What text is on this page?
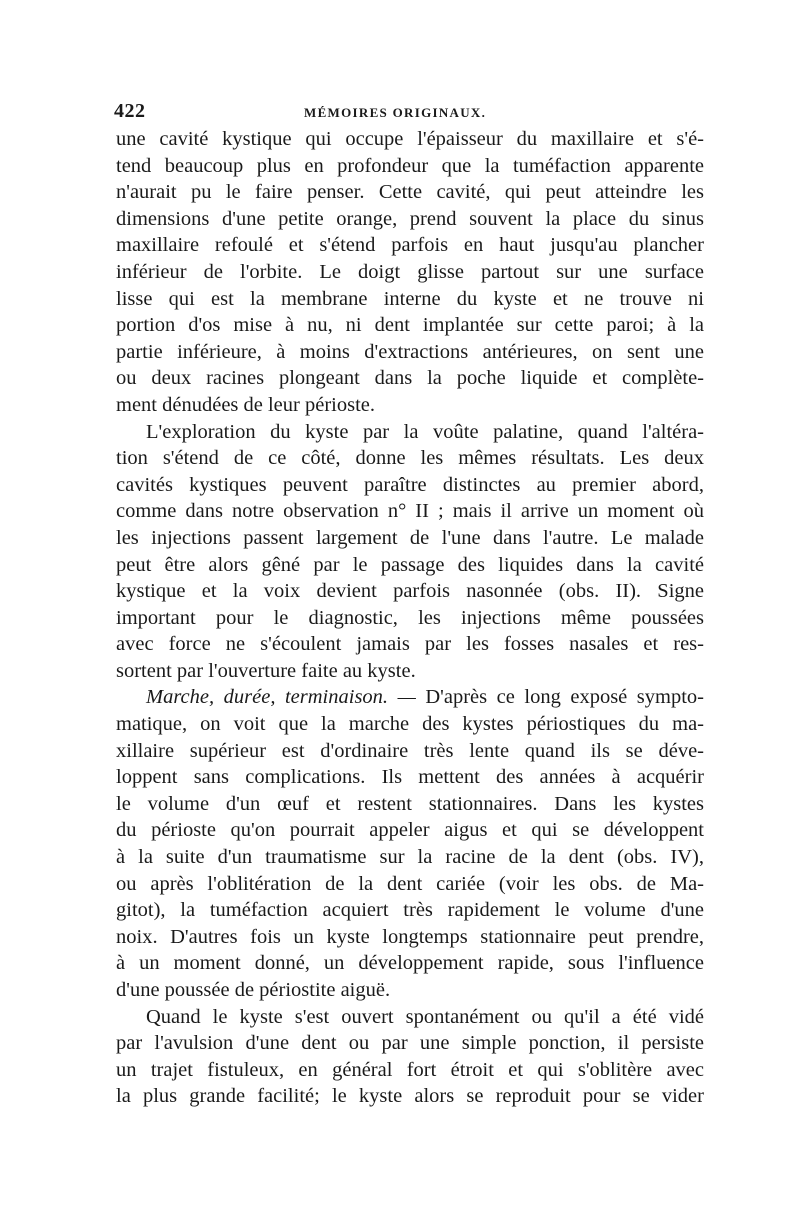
422	MÉMOIRES ORIGINAUX.
une cavité kystique qui occupe l'épaisseur du maxillaire et s'é-
tend beaucoup plus en profondeur que la tuméfaction apparente
n'aurait pu le faire penser. Cette cavité, qui peut atteindre les
dimensions d'une petite orange, prend souvent la place du sinus
maxillaire refoulé et s'étend parfois en haut jusqu'au plancher
inférieur de l'orbite. Le doigt glisse partout sur une surface
lisse qui est la membrane interne du kyste et ne trouve ni
portion d'os mise à nu, ni dent implantée sur cette paroi; à la
partie inférieure, à moins d'extractions antérieures, on sent une
ou deux racines plongeant dans la poche liquide et complète-
ment dénudées de leur périoste.
L'exploration du kyste par la voûte palatine, quand l'altéra-
tion s'étend de ce côté, donne les mêmes résultats. Les deux
cavités kystiques peuvent paraître distinctes au premier abord,
comme dans notre observation n° II ; mais il arrive un moment où
les injections passent largement de l'une dans l'autre. Le malade
peut être alors gêné par le passage des liquides dans la cavité
kystique et la voix devient parfois nasonnée (obs. II). Signe
important pour le diagnostic, les injections même poussées
avec force ne s'écoulent jamais par les fosses nasales et res-
sortent par l'ouverture faite au kyste.
Marche, durée, terminaison. — D'après ce long exposé sympto-
matique, on voit que la marche des kystes périostiques du ma-
xillaire supérieur est d'ordinaire très lente quand ils se déve-
loppent sans complications. Ils mettent des années à acquérir
le volume d'un œuf et restent stationnaires. Dans les kystes
du périoste qu'on pourrait appeler aigus et qui se développent
à la suite d'un traumatisme sur la racine de la dent (obs. IV),
ou après l'oblitération de la dent cariée (voir les obs. de Ma-
gitot), la tuméfaction acquiert très rapidement le volume d'une
noix. D'autres fois un kyste longtemps stationnaire peut prendre,
à un moment donné, un développement rapide, sous l'influence
d'une poussée de périostite aiguë.
Quand le kyste s'est ouvert spontanément ou qu'il a été vidé
par l'avulsion d'une dent ou par une simple ponction, il persiste
un trajet fistuleux, en général fort étroit et qui s'oblitère avec
la plus grande facilité; le kyste alors se reproduit pour se vider
